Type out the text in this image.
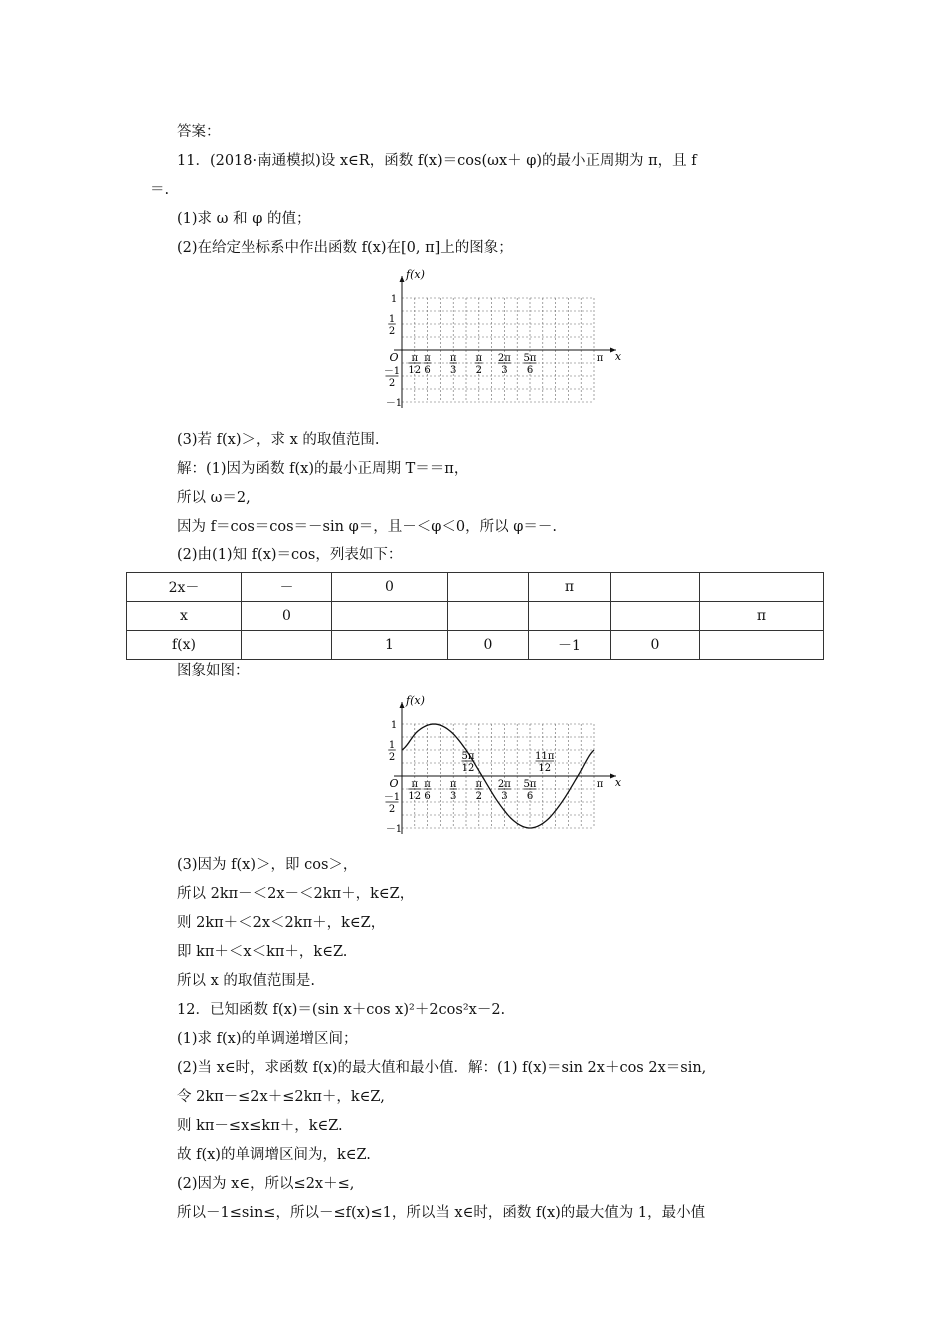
答案：
11．(2018·南通模拟)设 x∈R，函数 f(x)＝cos(ωx＋ φ)的最小正周期为 π，且 f
＝.
(1)求 ω 和 φ 的值；
(2)在给定坐标系中作出函数 f(x)在[0, π]上的图象；
f(x)
x
O
1
1
2
－1
2
－1
π
12
π
6
π
3
π
2
2π
3
5π
6
π
(3)若 f(x)＞，求 x 的取值范围.
解：(1)因为函数 f(x)的最小正周期 T＝＝π，
所以 ω＝2,
因为 f＝cos＝cos＝－sin φ＝，且－＜φ＜0，所以 φ＝－.
(2)由(1)知 f(x)＝cos，列表如下：
2x－	－	0		π		
x	0					π
f(x)		1	0	－1	0	
图象如图：
f(x)
x
O
1
1
2
－1
2
－1
π
12
π
6
π
3
π
2
2π
3
5π
6
π
5π
12
11π
12
(3)因为 f(x)＞，即 cos＞，
所以 2kπ－＜2x－＜2kπ＋，k∈Z，
则 2kπ＋＜2x＜2kπ＋，k∈Z，
即 kπ＋＜x＜kπ＋，k∈Z.
所以 x 的取值范围是.
12．已知函数 f(x)＝(sin x＋cos x)²＋2cos²x－2.
(1)求 f(x)的单调递增区间；
(2)当 x∈时，求函数 f(x)的最大值和最小值．解：(1) f(x)＝sin 2x＋cos 2x＝sin,
令 2kπ－≤2x＋≤2kπ＋，k∈Z,
则 kπ－≤x≤kπ＋，k∈Z.
故 f(x)的单调增区间为，k∈Z.
(2)因为 x∈，所以≤2x＋≤,
所以－1≤sin≤，所以－≤f(x)≤1，所以当 x∈时，函数 f(x)的最大值为 1，最小值
